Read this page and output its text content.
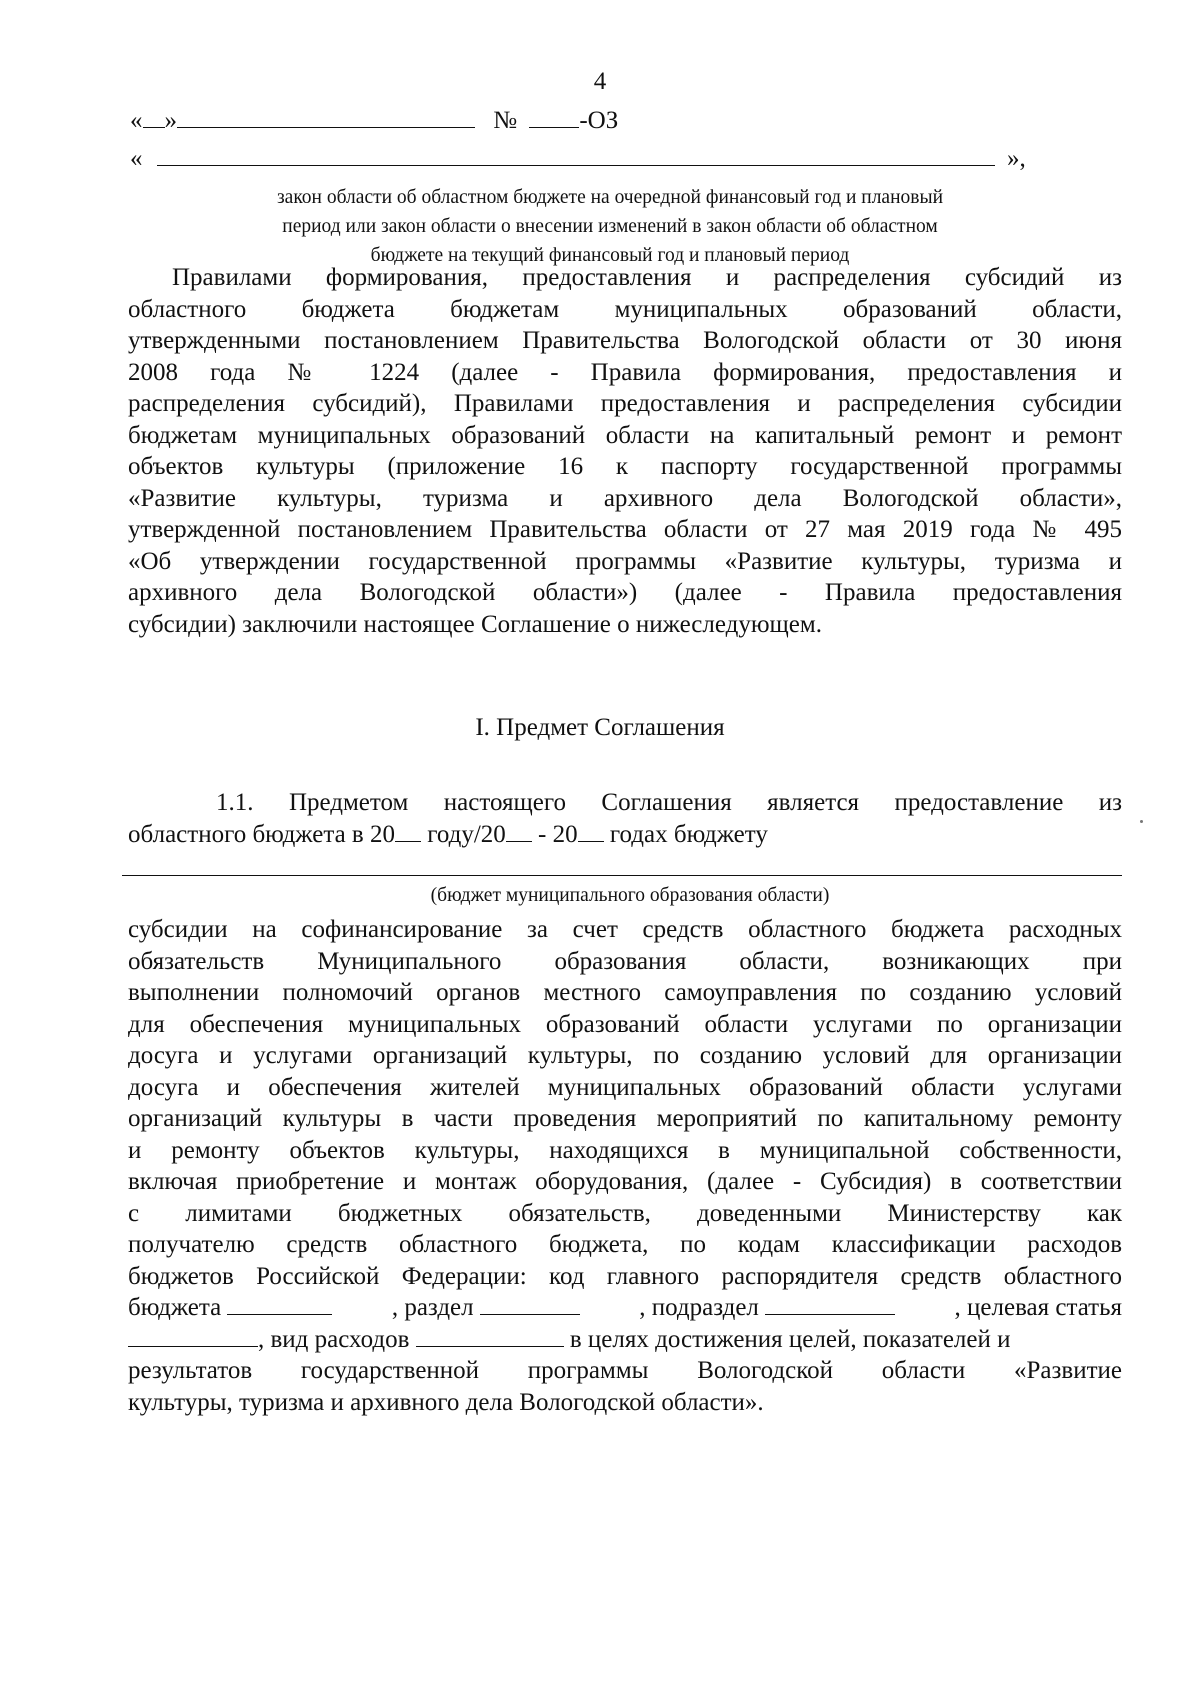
4
« »	№ -ОЗ
«	»,
закон области об областном бюджете на очередной финансовый год и плановый
период или закон области о внесении изменений в закон области об областном
бюджете на текущий финансовый год и плановый период
Правилами формирования, предоставления и распределения субсидий из
областного бюджета бюджетам муниципальных образований области,
утвержденными постановлением Правительства Вологодской области от 30 июня
2008 года № 1224 (далее - Правила формирования, предоставления и
распределения субсидий), Правилами предоставления и распределения субсидии
бюджетам муниципальных образований области на капитальный ремонт и ремонт
объектов культуры (приложение 16 к паспорту государственной программы
«Развитие культуры, туризма и архивного дела Вологодской области»,
утвержденной постановлением Правительства области от 27 мая 2019 года № 495
«Об утверждении государственной программы «Развитие культуры, туризма и
архивного дела Вологодской области») (далее - Правила предоставления
субсидии) заключили настоящее Соглашение о нижеследующем.
I. Предмет Соглашения
1.1. Предметом настоящего Соглашения является предоставление из
областного бюджета в 20 году/20 - 20 годах бюджету
(бюджет муниципального образования области)
субсидии на софинансирование за счет средств областного бюджета расходных
обязательств Муниципального образования области, возникающих при
выполнении полномочий органов местного самоуправления по созданию условий
для обеспечения муниципальных образований области услугами по организации
досуга и услугами организаций культуры, по созданию условий для организации
досуга и обеспечения жителей муниципальных образований области услугами
организаций культуры в части проведения мероприятий по капитальному ремонту
и ремонту объектов культуры, находящихся в муниципальной собственности,
включая приобретение и монтаж оборудования, (далее - Субсидия) в соответствии
с лимитами бюджетных обязательств, доведенными Министерству как
получателю средств областного бюджета, по кодам классификации расходов
бюджетов Российской Федерации: код главного распорядителя средств областного
бюджета	, раздел	, подраздел	, целевая статья
, вид расходов	в целях достижения целей, показателей и
результатов государственной программы Вологодской области «Развитие
культуры, туризма и архивного дела Вологодской области».
